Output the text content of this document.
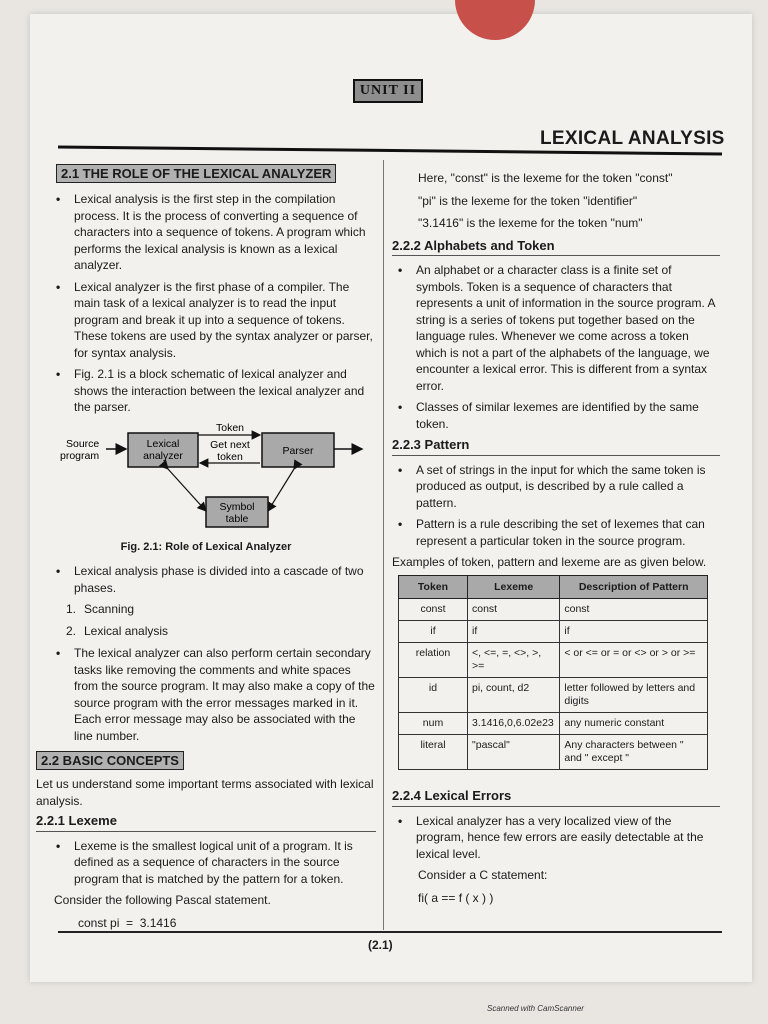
UNIT II
LEXICAL ANALYSIS
2.1 THE ROLE OF THE LEXICAL ANALYZER
• Lexical analysis is the first step in the compilation process. It is the process of converting a sequence of characters into a sequence of tokens. A program which performs the lexical analysis is known as a lexical analyzer.
• Lexical analyzer is the first phase of a compiler. The main task of a lexical analyzer is to read the input program and break it up into a sequence of tokens. These tokens are used by the syntax analyzer or parser, for syntax analysis.
• Fig. 2.1 is a block schematic of lexical analyzer and shows the interaction between the lexical analyzer and the parser.
Source
program
Lexical
analyzer
Token
Get next
token	Parser
Symbol
table
Fig. 2.1: Role of Lexical Analyzer
• Lexical analysis phase is divided into a cascade of two phases.
1. Scanning
2. Lexical analysis
• The lexical analyzer can also perform certain secondary tasks like removing the comments and white spaces from the source program. It may also make a copy of the source program with the error messages marked in it. Each error message may also be associated with the line number.
2.2 BASIC CONCEPTS

Let us understand some important terms associated with lexical analysis.

2.2.1 Lexeme
• Lexeme is the smallest logical unit of a program. It is defined as a sequence of characters in the source program that is matched by the pattern for a token.

Consider the following Pascal statement.

const pi  =  3.1416

Here, "const" is the lexeme for the token "const"

"pi" is the lexeme for the token "identifier"

"3.1416" is the lexeme for the token "num"

2.2.2 Alphabets and Token
• An alphabet or a character class is a finite set of symbols. Token is a sequence of characters that represents a unit of information in the source program. A string is a series of tokens put together based on the language rules. Whenever we come across a token which is not a part of the alphabets of the language, we encounter a lexical error. This is different from a syntax error.
• Classes of similar lexemes are identified by the same token.
2.2.3 Pattern
• A set of strings in the input for which the same token is produced as output, is described by a rule called a pattern.
• Pattern is a rule describing the set of lexemes that can represent a particular token in the source program.

Examples of token, pattern and lexeme are as given below.

Token	Lexeme	Description of Pattern
const	const	const
if	if	if
relation	<, <=, =, <>, >, >=	< or <= or = or <> or > or >=
id	pi, count, d2	letter followed by letters and digits
num	3.1416,0,6.02e23	any numeric constant
literal	"pascal"	Any characters between " and " except "
2.2.4 Lexical Errors
• Lexical analyzer has a very localized view of the program, hence few errors are easily detectable at the lexical level.

Consider a C statement:

fi( a == f ( x ) )

(2.1)
Scanned with CamScanner
